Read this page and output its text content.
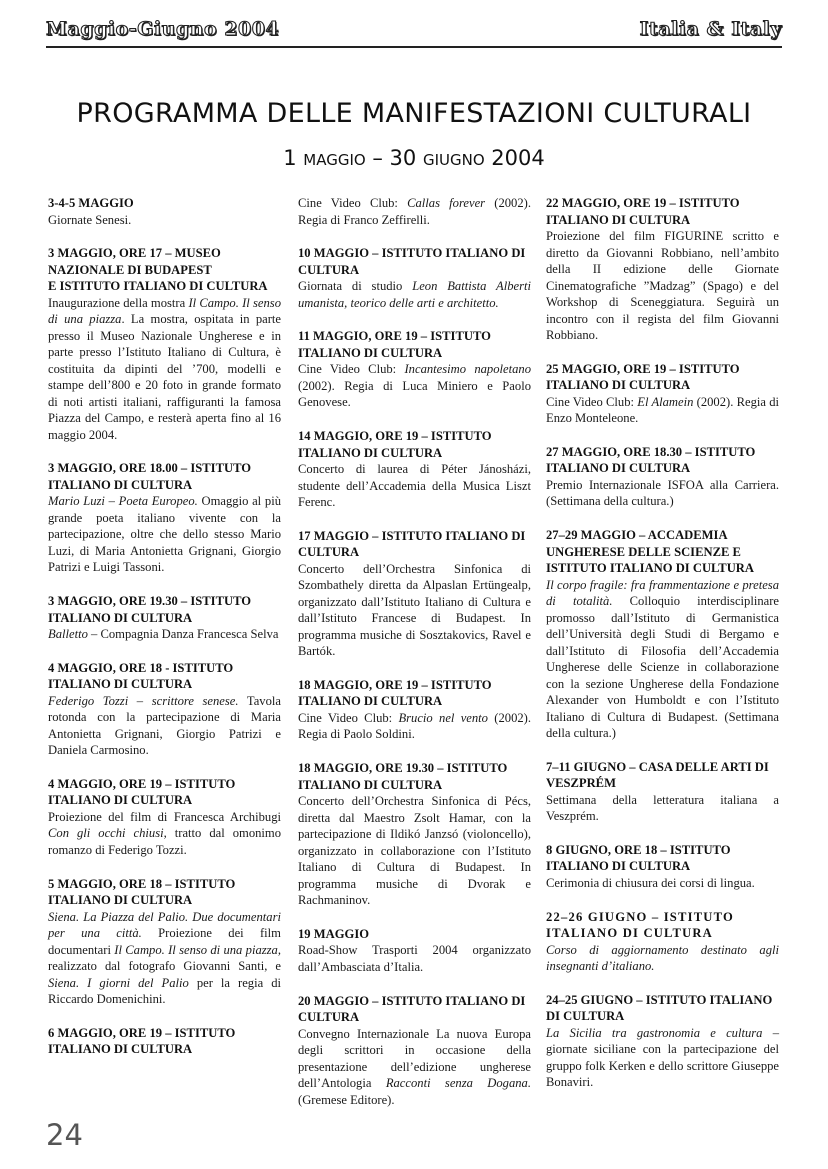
Maggio-Giugno 2004	Italia & Italy
PROGRAMMA DELLE MANIFESTAZIONI CULTURALI
1 maggio – 30 giugno 2004
3-4-5 MAGGIO

Giornate Senesi.

3 MAGGIO, ORE 17 – MUSEO NAZIONALE DI BUDAPEST
E ISTITUTO ITALIANO DI CULTURA

Inaugurazione della mostra Il Campo. Il senso di una piazza. La mostra, ospitata in parte presso il Museo Nazionale Ungherese e in parte presso l’Istituto Italiano di Cultura, è costituita da dipinti del ’700, modelli e stampe dell’800 e 20 foto in grande formato di noti artisti italiani, raffiguranti la famosa Piazza del Campo, e resterà aperta fino al 16 maggio 2004.

3 MAGGIO, ORE 18.00 – ISTITUTO ITALIANO DI CULTURA

Mario Luzi – Poeta Europeo. Omaggio al più grande poeta italiano vivente con la partecipazione, oltre che dello stesso Mario Luzi, di Maria Antonietta Grignani, Giorgio Patrizi e Luigi Tassoni.

3 MAGGIO, ORE 19.30 – ISTITUTO ITALIANO DI CULTURA

Balletto – Compagnia Danza Francesca Selva

4 MAGGIO, ORE 18 - ISTITUTO ITALIANO DI CULTURA

Federigo Tozzi – scrittore senese. Tavola rotonda con la partecipazione di Maria Antonietta Grignani, Giorgio Patrizi e Daniela Carmosino.

4 MAGGIO, ORE 19 – ISTITUTO ITALIANO DI CULTURA

Proiezione del film di Francesca Archibugi Con gli occhi chiusi, tratto dal omonimo romanzo di Federigo Tozzi.

5 MAGGIO, ORE 18 – ISTITUTO ITALIANO DI CULTURA

Siena. La Piazza del Palio. Due documentari per una città. Proiezione dei film documentari Il Campo. Il senso di una piazza, realizzato dal fotografo Giovanni Santi, e Siena. I giorni del Palio per la regia di Riccardo Domenichini.

6 MAGGIO, ORE 19 – ISTITUTO ITALIANO DI CULTURA

Cine Video Club: Callas forever (2002). Regia di Franco Zeffirelli.

10 MAGGIO – ISTITUTO ITALIANO DI CULTURA

Giornata di studio Leon Battista Alberti umanista, teorico delle arti e architetto.

11 MAGGIO, ORE 19 – ISTITUTO ITALIANO DI CULTURA

Cine Video Club: Incantesimo napoletano (2002). Regia di Luca Miniero e Paolo Genovese.

14 MAGGIO, ORE 19 – ISTITUTO ITALIANO DI CULTURA

Concerto di laurea di Péter Jánosházi, studente dell’Accademia della Musica Liszt Ferenc.

17 MAGGIO – ISTITUTO ITALIANO DI CULTURA

Concerto dell’Orchestra Sinfonica di Szombathely diretta da Alpaslan Ertüngealp, organizzato dall’Istituto Italiano di Cultura e dall’Istituto Francese di Budapest. In programma musiche di Sosztakovics, Ravel e Bartók.

18 MAGGIO, ORE 19 – ISTITUTO ITALIANO DI CULTURA

Cine Video Club: Brucio nel vento (2002). Regia di Paolo Soldini.

18 MAGGIO, ORE 19.30 – ISTITUTO ITALIANO DI CULTURA

Concerto dell’Orchestra Sinfonica di Pécs, diretta dal Maestro Zsolt Hamar, con la partecipazione di Ildikó Janzsó (violoncello), organizzato in collaborazione con l’Istituto Italiano di Cultura di Budapest. In programma musiche di Dvorak e Rachmaninov.

19 MAGGIO

Road-Show Trasporti 2004 organizzato dall’Ambasciata d’Italia.

20 MAGGIO – ISTITUTO ITALIANO DI CULTURA

Convegno Internazionale La nuova Europa degli scrittori in occasione della presentazione dell’edizione ungherese dell’Antologia Racconti senza Dogana. (Gremese Editore).

22 MAGGIO, ORE 19 – ISTITUTO ITALIANO DI CULTURA

Proiezione del film FIGURINE scritto e diretto da Giovanni Robbiano, nell’ambito della II edizione delle Giornate Cinematografiche ”Madzag” (Spago) e del Workshop di Sceneggiatura. Seguirà un incontro con il regista del film Giovanni Robbiano.

25 MAGGIO, ORE 19 – ISTITUTO ITALIANO DI CULTURA

Cine Video Club: El Alamein (2002). Regia di Enzo Monteleone.

27 MAGGIO, ORE 18.30 – ISTITUTO ITALIANO DI CULTURA

Premio Internazionale ISFOA alla Carriera. (Settimana della cultura.)

27–29 MAGGIO – ACCADEMIA UNGHERESE DELLE SCIENZE E ISTITUTO ITALIANO DI CULTURA

Il corpo fragile: fra frammentazione e pretesa di totalità. Colloquio interdisciplinare promosso dall’Istituto di Germanistica dell’Università degli Studi di Bergamo e dall’Istituto di Filosofia dell’Accademia Ungherese delle Scienze in collaborazione con la sezione Ungherese della Fondazione Alexander von Humboldt e con l’Istituto Italiano di Cultura di Budapest. (Settimana della cultura.)

7–11 GIUGNO – CASA DELLE ARTI DI VESZPRÉM

Settimana della letteratura italiana a Veszprém.

8 GIUGNO, ORE 18 – ISTITUTO ITALIANO DI CULTURA

Cerimonia di chiusura dei corsi di lingua.

22–26 GIUGNO – ISTITUTO ITALIANO DI CULTURA

Corso di aggiornamento destinato agli insegnanti d’italiano.

24–25 GIUGNO – ISTITUTO ITALIANO DI CULTURA

La Sicilia tra gastronomia e cultura – giornate siciliane con la partecipazione del gruppo folk Kerken e dello scrittore Giuseppe Bonaviri.

24
